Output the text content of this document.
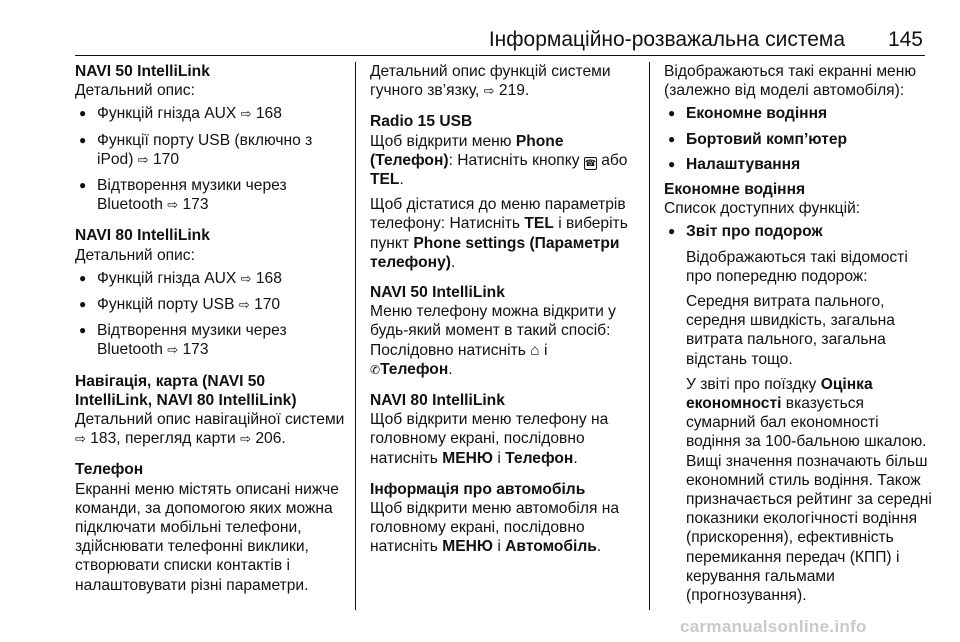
Інформаційно-розважальна система 145
NAVI 50 IntelliLink
Детальний опис:
● Функцій гнізда AUX ⇨ 168
● Функції порту USB (включно з iPod) ⇨ 170
● Відтворення музики через Bluetooth ⇨ 173
NAVI 80 IntelliLink
Детальний опис:
● Функцій гнізда AUX ⇨ 168
● Функцій порту USB ⇨ 170
● Відтворення музики через Bluetooth ⇨ 173
Навігація, карта (NAVI 50 IntelliLink, NAVI 80 IntelliLink)
Детальний опис навігаційної системи ⇨ 183, перегляд карти ⇨ 206.
Телефон
Екранні меню містять описані нижче команди, за допомогою яких можна підключати мобільні телефони, здійснювати телефонні виклики, створювати списки контактів і налаштовувати різні параметри.
Детальний опис функцій системи гучного зв’язку, ⇨ 219.
Radio 15 USB
Щоб відкрити меню Phone (Телефон): Натисніть кнопку ☎ або TEL.
Щоб дістатися до меню параметрів телефону: Натисніть TEL і виберіть пункт Phone settings (Параметри телефону).
NAVI 50 IntelliLink
Меню телефону можна відкрити у будь-який момент в такий спосіб: Послідовно натисніть ⌂ і
✆Телефон.
NAVI 80 IntelliLink
Щоб відкрити меню телефону на головному екрані, послідовно натисніть МЕНЮ і Телефон.
Інформація про автомобіль
Щоб відкрити меню автомобіля на головному екрані, послідовно натисніть МЕНЮ і Автомобіль.
Відображаються такі екранні меню (залежно від моделі автомобіля):
● Економне водіння
● Бортовий комп’ютер
● Налаштування
Економне водіння
Список доступних функцій:
● Звіт про подорож
Відображаються такі відомості про попередню подорож:
Середня витрата пального, середня швидкість, загальна витрата пального, загальна відстань тощо.
У звіті про поїздку Оцінка економності вказується сумарний бал економності водіння за 100-бальною шкалою. Вищі значення позначають більш економний стиль водіння. Також призначається рейтинг за середні показники екологічності водіння (прискорення), ефективність перемикання передач (КПП) і керування гальмами (прогнозування).
carmanualsonline.info
